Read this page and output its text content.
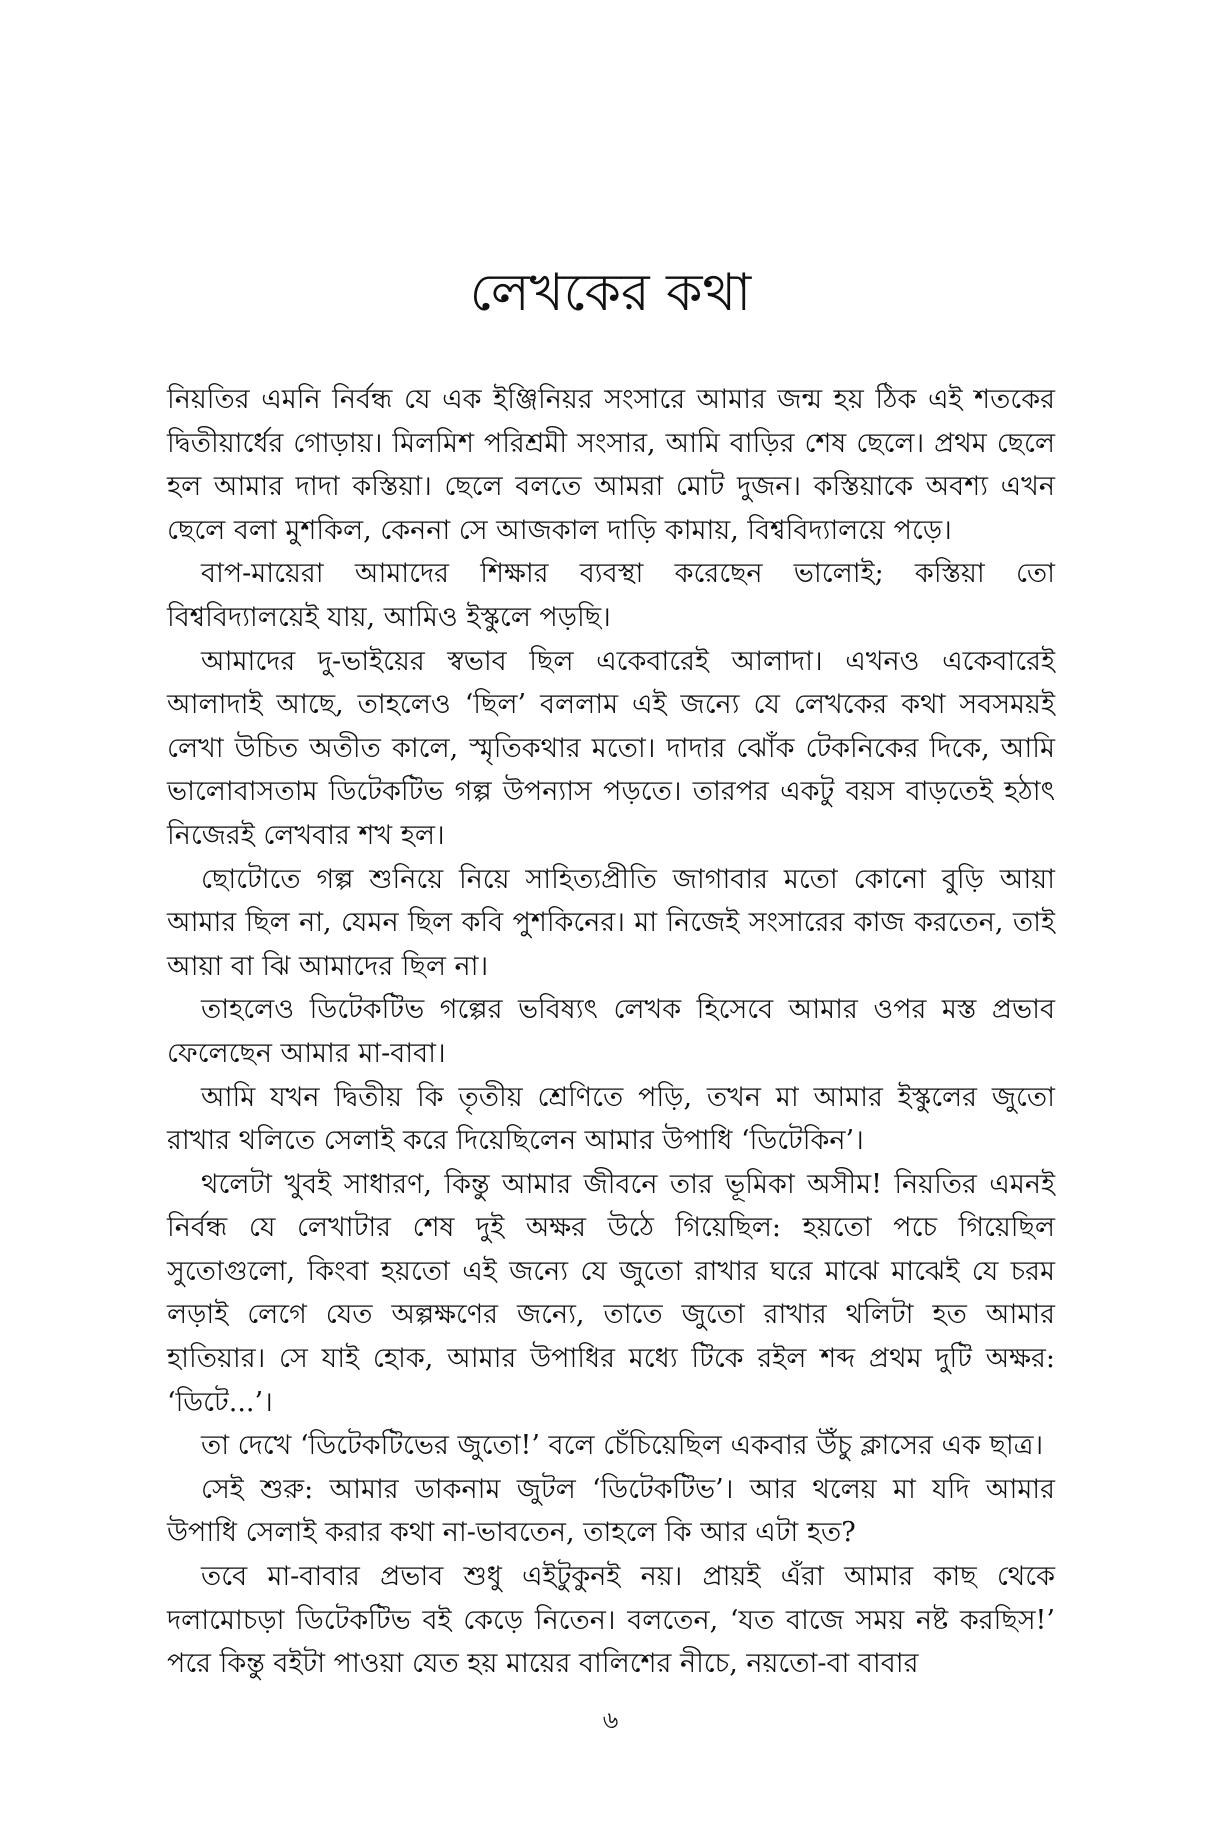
লেখকের কথা

নিয়তির এমনি নির্বন্ধ যে এক ইঞ্জিনিয়র সংসারে আমার জন্ম হয় ঠিক এই শতকের দ্বিতীয়ার্ধের গোড়ায়। মিলমিশ পরিশ্রমী সংসার, আমি বাড়ির শেষ ছেলে। প্রথম ছেলে হল আমার দাদা কস্তিয়া। ছেলে বলতে আমরা মোট দুজন। কস্তিয়াকে অবশ্য এখন ছেলে বলা মুশকিল, কেননা সে আজকাল দাড়ি কামায়, বিশ্ববিদ্যালয়ে পড়ে।

বাপ-মায়েরা আমাদের শিক্ষার ব্যবস্থা করেছেন ভালোই; কস্তিয়া তো বিশ্ববিদ্যালয়েই যায়, আমিও ইস্কুলে পড়ছি।

আমাদের দু-ভাইয়ের স্বভাব ছিল একেবারেই আলাদা। এখনও একেবারেই আলাদাই আছে, তাহলেও ‘ছিল’ বললাম এই জন্যে যে লেখকের কথা সবসময়ই লেখা উচিত অতীত কালে, স্মৃতিকথার মতো। দাদার ঝোঁক টেকনিকের দিকে, আমি ভালোবাসতাম ডিটেকটিভ গল্প উপন্যাস পড়তে। তারপর একটু বয়স বাড়তেই হঠাৎ নিজেরই লেখবার শখ হল।

ছোটোতে গল্প শুনিয়ে নিয়ে সাহিত্যপ্রীতি জাগাবার মতো কোনো বুড়ি আয়া আমার ছিল না, যেমন ছিল কবি পুশকিনের। মা নিজেই সংসারের কাজ করতেন, তাই আয়া বা ঝি আমাদের ছিল না।

তাহলেও ডিটেকটিভ গল্পের ভবিষ্যৎ লেখক হিসেবে আমার ওপর মস্ত প্রভাব ফেলেছেন আমার মা-বাবা।

আমি যখন দ্বিতীয় কি তৃতীয় শ্রেণিতে পড়ি, তখন মা আমার ইস্কুলের জুতো রাখার থলিতে সেলাই করে দিয়েছিলেন আমার উপাধি ‘ডিটেকিন’।

থলেটা খুবই সাধারণ, কিন্তু আমার জীবনে তার ভূমিকা অসীম! নিয়তির এমনই নির্বন্ধ যে লেখাটার শেষ দুই অক্ষর উঠে গিয়েছিল: হয়তো পচে গিয়েছিল সুতোগুলো, কিংবা হয়তো এই জন্যে যে জুতো রাখার ঘরে মাঝে মাঝেই যে চরম লড়াই লেগে যেত অল্পক্ষণের জন্যে, তাতে জুতো রাখার থলিটা হত আমার হাতিয়ার। সে যাই হোক, আমার উপাধির মধ্যে টিকে রইল শব্দ প্রথম দুটি অক্ষর: ‘ডিটে...’।

তা দেখে ‘ডিটেকটিভের জুতো!’ বলে চেঁচিয়েছিল একবার উঁচু ক্লাসের এক ছাত্র।

সেই শুরু: আমার ডাকনাম জুটল ‘ডিটেকটিভ’। আর থলেয় মা যদি আমার উপাধি সেলাই করার কথা না-ভাবতেন, তাহলে কি আর এটা হত?

তবে মা-বাবার প্রভাব শুধু এইটুকুনই নয়। প্রায়ই এঁরা আমার কাছ থেকে দলামোচড়া ডিটেকটিভ বই কেড়ে নিতেন। বলতেন, ‘যত বাজে সময় নষ্ট করছিস!’ পরে কিন্তু বইটা পাওয়া যেত হয় মায়ের বালিশের নীচে, নয়তো-বা বাবার

৬
